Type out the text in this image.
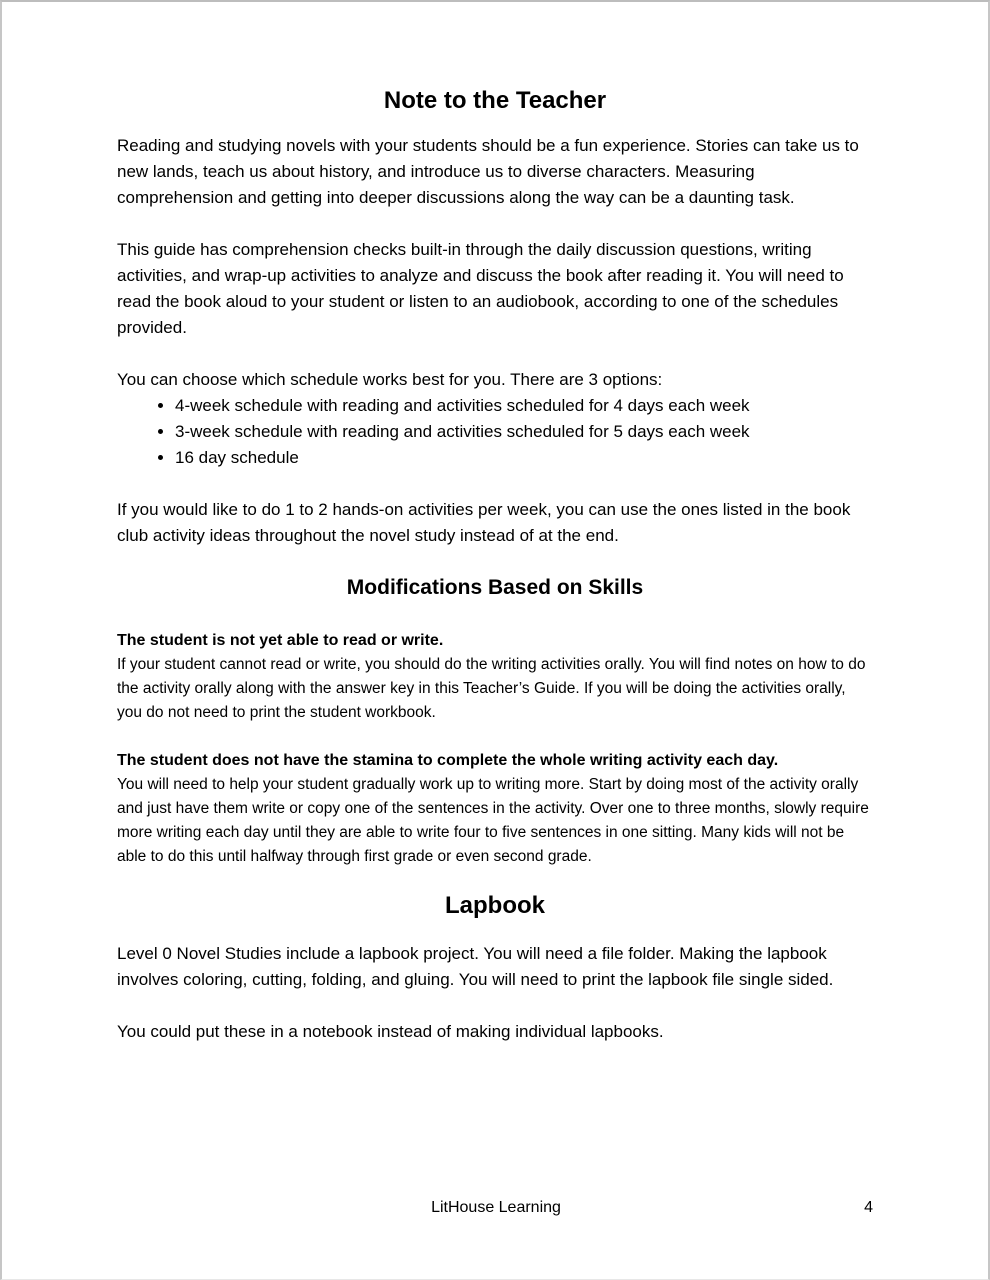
Note to the Teacher

Reading and studying novels with your students should be a fun experience. Stories can take us to new lands, teach us about history, and introduce us to diverse characters. Measuring comprehension and getting into deeper discussions along the way can be a daunting task.

This guide has comprehension checks built-in through the daily discussion questions, writing activities, and wrap-up activities to analyze and discuss the book after reading it. You will need to read the book aloud to your student or listen to an audiobook, according to one of the schedules provided.

You can choose which schedule works best for you. There are 3 options:

• 4-week schedule with reading and activities scheduled for 4 days each week
• 3-week schedule with reading and activities scheduled for 5 days each week
• 16 day schedule

If you would like to do 1 to 2 hands-on activities per week, you can use the ones listed in the book club activity ideas throughout the novel study instead of at the end.

Modifications Based on Skills

The student is not yet able to read or write.

If your student cannot read or write, you should do the writing activities orally. You will find notes on how to do the activity orally along with the answer key in this Teacher’s Guide. If you will be doing the activities orally, you do not need to print the student workbook.

The student does not have the stamina to complete the whole writing activity each day.

You will need to help your student gradually work up to writing more. Start by doing most of the activity orally and just have them write or copy one of the sentences in the activity. Over one to three months, slowly require more writing each day until they are able to write four to five sentences in one sitting. Many kids will not be able to do this until halfway through first grade or even second grade.

Lapbook

Level 0 Novel Studies include a lapbook project. You will need a file folder. Making the lapbook involves coloring, cutting, folding, and gluing. You will need to print the lapbook file single sided.

You could put these in a notebook instead of making individual lapbooks.

LitHouse Learning	4
